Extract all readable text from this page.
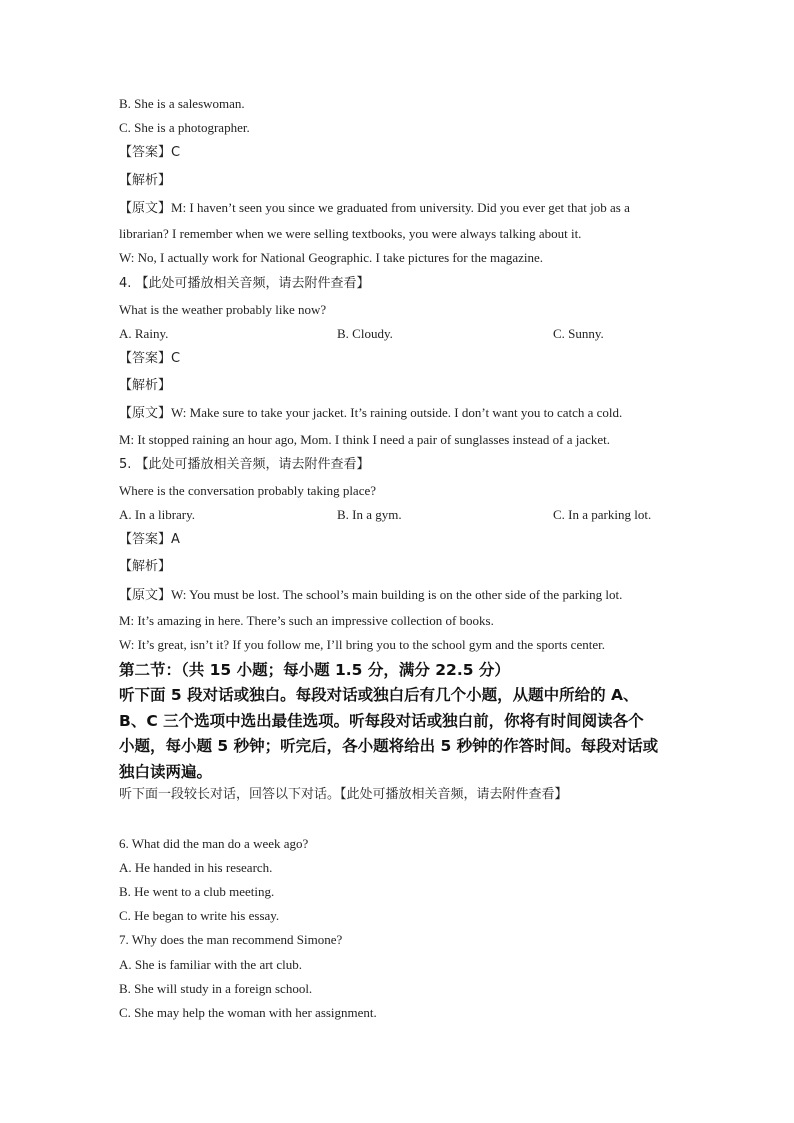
B. She is a saleswoman.
C. She is a photographer.
【答案】C
【解析】
【原文】M: I haven’t seen you since we graduated from university. Did you ever get that job as a
librarian? I remember when we were selling textbooks, you were always talking about it.
W: No, I actually work for National Geographic. I take pictures for the magazine.
4. 【此处可播放相关音频，请去附件查看】
What is the weather probably like now?
A. Rainy.	B. Cloudy.	C. Sunny.
【答案】C
【解析】
【原文】W: Make sure to take your jacket. It’s raining outside. I don’t want you to catch a cold.
M: It stopped raining an hour ago, Mom. I think I need a pair of sunglasses instead of a jacket.
5. 【此处可播放相关音频，请去附件查看】
Where is the conversation probably taking place?
A. In a library.	B. In a gym.	C. In a parking lot.
【答案】A
【解析】
【原文】W: You must be lost. The school’s main building is on the other side of the parking lot.
M: It’s amazing in here. There’s such an impressive collection of books.
W: It’s great, isn’t it? If you follow me, I’ll bring you to the school gym and the sports center.
第二节：（共 15 小题；每小题 1.5 分，满分 22.5 分）
听下面 5 段对话或独白。每段对话或独白后有几个小题，从题中所给的 A、
B、C 三个选项中选出最佳选项。听每段对话或独白前，你将有时间阅读各个
小题，每小题 5 秒钟；听完后，各小题将给出 5 秒钟的作答时间。每段对话或
独白读两遍。
听下面一段较长对话，回答以下对话。【此处可播放相关音频，请去附件查看】
6. What did the man do a week ago?
A. He handed in his research.
B. He went to a club meeting.
C. He began to write his essay.
7. Why does the man recommend Simone?
A. She is familiar with the art club.
B. She will study in a foreign school.
C. She may help the woman with her assignment.
